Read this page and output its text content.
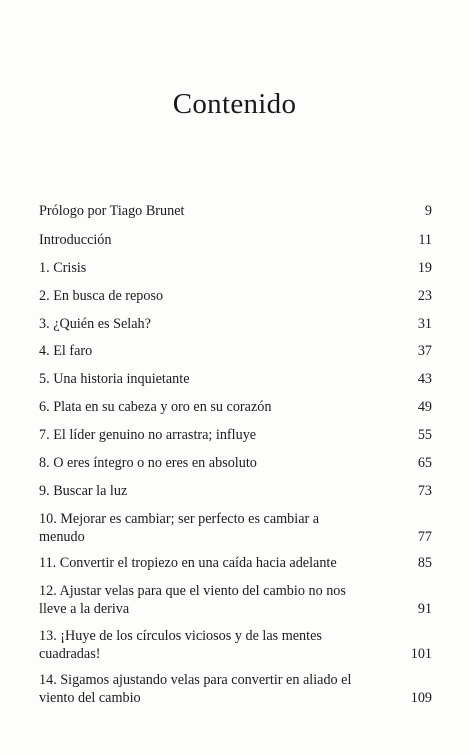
Contenido
Prólogo por Tiago Brunet	9
Introducción	11
1. Crisis	19
2. En busca de reposo	23
3. ¿Quién es Selah?	31
4. El faro	37
5. Una historia inquietante	43
6. Plata en su cabeza y oro en su corazón	49
7. El líder genuino no arrastra; influye	55
8. O eres íntegro o no eres en absoluto	65
9. Buscar la luz	73
10. Mejorar es cambiar; ser perfecto es cambiar a
menudo	77
11. Convertir el tropiezo en una caída hacia adelante	85
12. Ajustar velas para que el viento del cambio no nos
lleve a la deriva	91
13. ¡Huye de los círculos viciosos y de las mentes
cuadradas!	101
14. Sigamos ajustando velas para convertir en aliado el
viento del cambio	109
